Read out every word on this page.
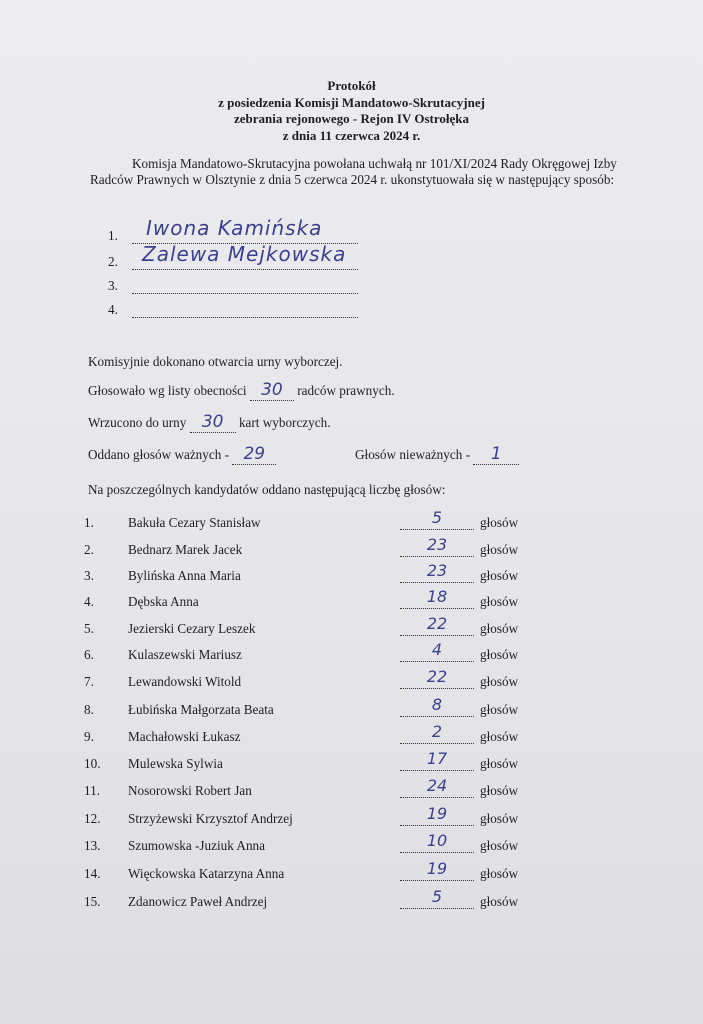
Protokół
z posiedzenia Komisji Mandatowo-Skrutacyjnej
zebrania rejonowego - Rejon IV Ostrołęka
z dnia 11 czerwca 2024 r.

Komisja Mandatowo-Skrutacyjna powołana uchwałą nr 101/XI/2024 Rady Okręgowej Izby Radców Prawnych w Olsztynie z dnia 5 czerwca 2024 r. ukonstytuowała się w następujący sposób:

1. Iwona Kamińska
2. Zalewa Mejkowska
3.
4.
Komisyjnie dokonano otwarcia urny wyborczej.
Głosowało wg listy obecności 30 radców prawnych.
Wrzucono do urny 30 kart wyborczych.
Oddano głosów ważnych - 29	Głosów nieważnych - 1
Na poszczególnych kandydatów oddano następującą liczbę głosów:
1.	Bakuła Cezary Stanisław	5	głosów
2.	Bednarz Marek Jacek	23	głosów
3.	Bylińska Anna Maria	23	głosów
4.	Dębska Anna	18	głosów
5.	Jezierski Cezary Leszek	22	głosów
6.	Kulaszewski Mariusz	4	głosów
7.	Lewandowski Witold	22	głosów
8.	Łubińska Małgorzata Beata	8	głosów
9.	Machałowski Łukasz	2	głosów
10. Mulewska Sylwia	17	głosów
11. Nosorowski Robert Jan	24	głosów
12. Strzyżewski Krzysztof Andrzej	19	głosów
13. Szumowska -Juziuk Anna	10	głosów
14. Więckowska Katarzyna Anna	19	głosów
15. Zdanowicz Paweł Andrzej	5	głosów
